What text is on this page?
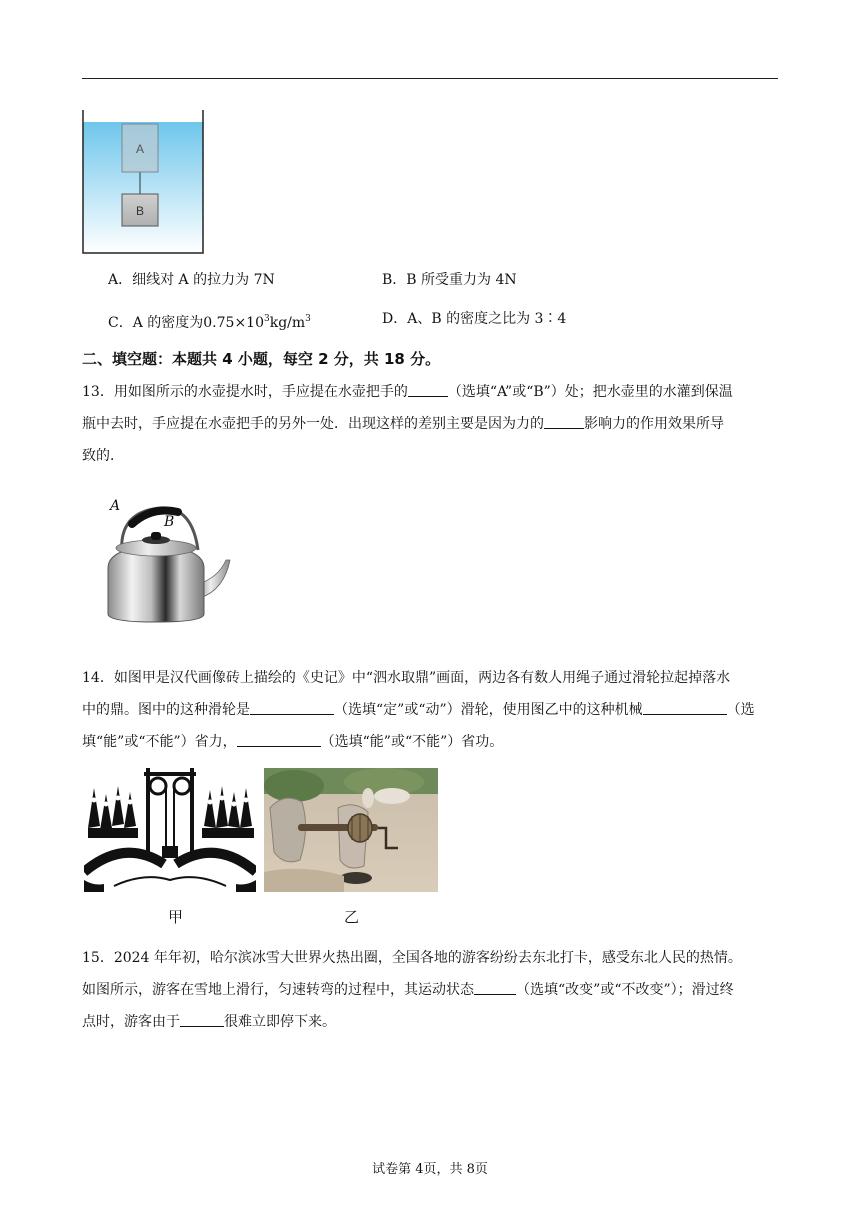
A
B
A．细线对 A 的拉力为 7N	B．B 所受重力为 4N
C．A 的密度为$0.75\times 10^3kg/m^3$	D．A、B 的密度之比为 3∶4
二、填空题：本题共 4 小题，每空 2 分，共 18 分。
13．用如图所示的水壶提水时，手应提在水壶把手的	（选填“A”或“B”）处；把水壶里的水灌到保温
瓶中去时，手应提在水壶把手的另外一处．出现这样的差别主要是因为力的	影响力的作用效果所导
致的．
A
B
14．如图甲是汉代画像砖上描绘的《史记》中“泗水取鼎”画面，两边各有数人用绳子通过滑轮拉起掉落水
中的鼎。图中的这种滑轮是	（选填“定”或“动”）滑轮，使用图乙中的这种机械	（选
填“能”或“不能”）省力，	（选填“能”或“不能”）省功。
甲	乙
15．2024 年年初，哈尔滨冰雪大世界火热出圈，全国各地的游客纷纷去东北打卡，感受东北人民的热情。
如图所示，游客在雪地上滑行，匀速转弯的过程中，其运动状态	（选填“改变”或“不改变”）；滑过终
点时，游客由于	很难立即停下来。
试卷第 4页，共 8页
